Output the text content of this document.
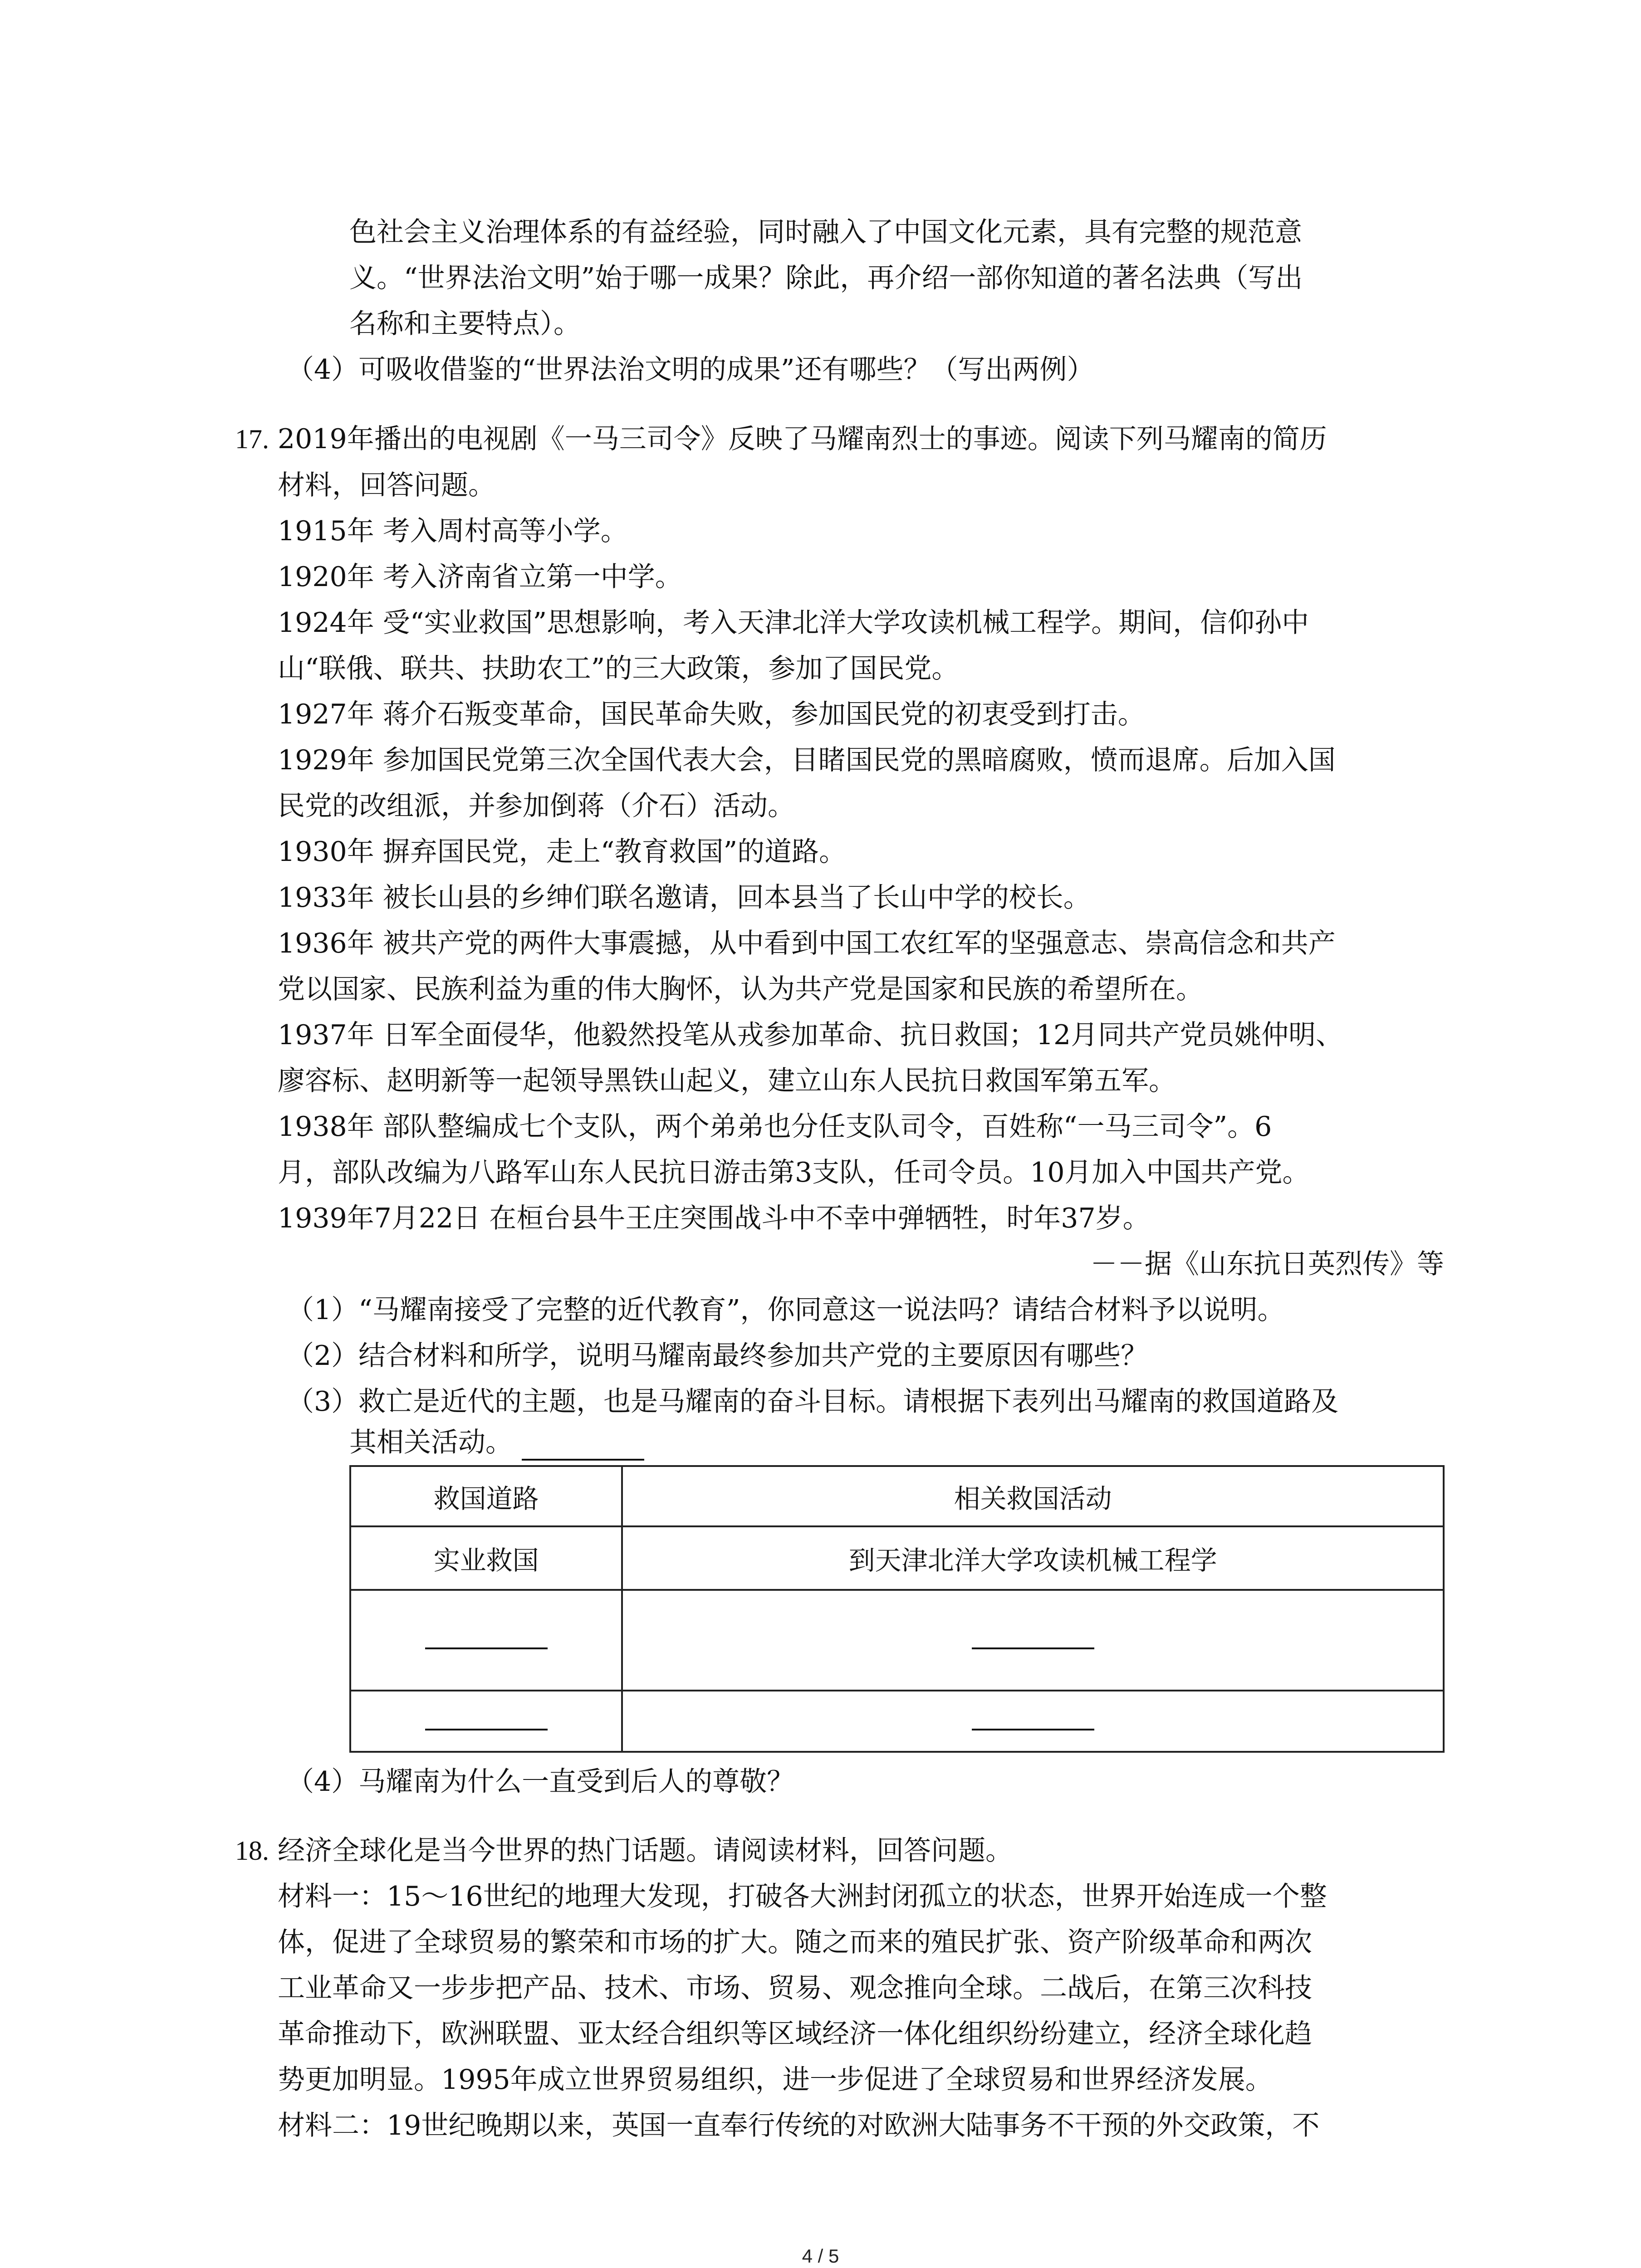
色社会主义治理体系的有益经验，同时融入了中国文化元素，具有完整的规范意
义。“世界法治文明”始于哪一成果？除此，再介绍一部你知道的著名法典（写出
名称和主要特点）。
（4）可吸收借鉴的“世界法治文明的成果”还有哪些？（写出两例）
17. 2019年播出的电视剧《一马三司令》反映了马耀南烈士的事迹。阅读下列马耀南的简历
材料，回答问题。
1915年 考入周村高等小学。
1920年 考入济南省立第一中学。
1924年 受“实业救国”思想影响，考入天津北洋大学攻读机械工程学。期间，信仰孙中
山“联俄、联共、扶助农工”的三大政策，参加了国民党。
1927年 蒋介石叛变革命，国民革命失败，参加国民党的初衷受到打击。
1929年 参加国民党第三次全国代表大会，目睹国民党的黑暗腐败，愤而退席。后加入国
民党的改组派，并参加倒蒋（介石）活动。
1930年 摒弃国民党，走上“教育救国”的道路。
1933年 被长山县的乡绅们联名邀请，回本县当了长山中学的校长。
1936年 被共产党的两件大事震撼，从中看到中国工农红军的坚强意志、崇高信念和共产
党以国家、民族利益为重的伟大胸怀，认为共产党是国家和民族的希望所在。
1937年 日军全面侵华，他毅然投笔从戎参加革命、抗日救国；12月同共产党员姚仲明、
廖容标、赵明新等一起领导黑铁山起义，建立山东人民抗日救国军第五军。
1938年 部队整编成七个支队，两个弟弟也分任支队司令，百姓称“一马三司令”。6
月，部队改编为八路军山东人民抗日游击第3支队，任司令员。10月加入中国共产党。
1939年7月22日 在桓台县牛王庄突围战斗中不幸中弹牺牲，时年37岁。
－－据《山东抗日英烈传》等
（1）“马耀南接受了完整的近代教育”，你同意这一说法吗？请结合材料予以说明。
（2）结合材料和所学，说明马耀南最终参加共产党的主要原因有哪些？
（3）救亡是近代的主题，也是马耀南的奋斗目标。请根据下表列出马耀南的救国道路及
其相关活动。
救国道路	相关救国活动
实业救国	到天津北洋大学攻读机械工程学

（4）马耀南为什么一直受到后人的尊敬？
18. 经济全球化是当今世界的热门话题。请阅读材料，回答问题。
材料一：15～16世纪的地理大发现，打破各大洲封闭孤立的状态，世界开始连成一个整
体，促进了全球贸易的繁荣和市场的扩大。随之而来的殖民扩张、资产阶级革命和两次
工业革命又一步步把产品、技术、市场、贸易、观念推向全球。二战后，在第三次科技
革命推动下，欧洲联盟、亚太经合组织等区域经济一体化组织纷纷建立，经济全球化趋
势更加明显。1995年成立世界贸易组织，进一步促进了全球贸易和世界经济发展。
材料二：19世纪晚期以来，英国一直奉行传统的对欧洲大陆事务不干预的外交政策，不
4 / 5
